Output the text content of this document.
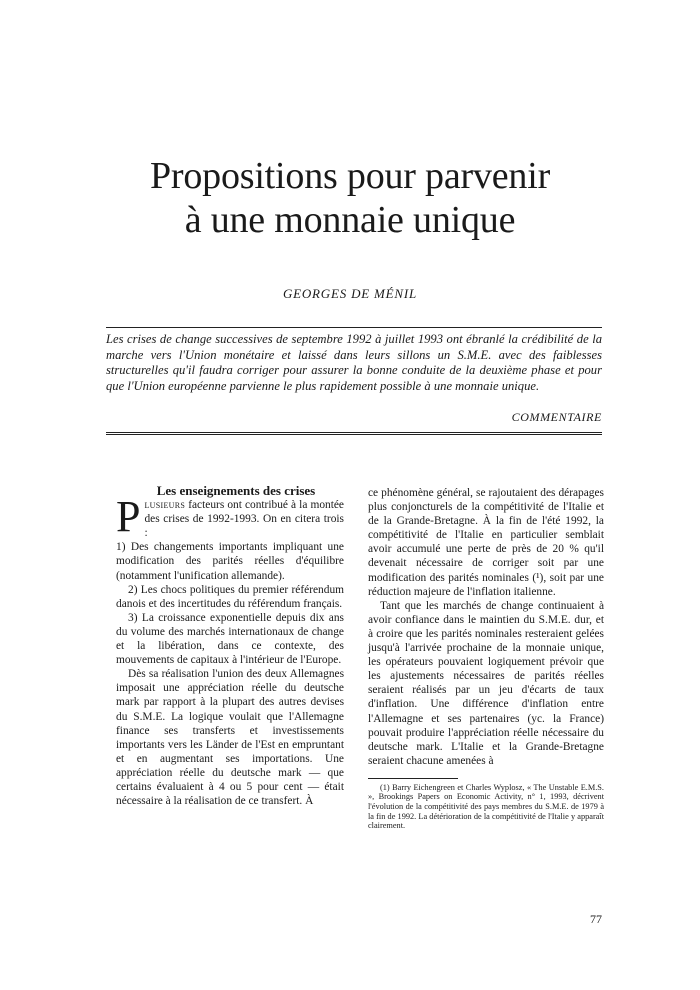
Propositions pour parvenir
à une monnaie unique
GEORGES DE MÉNIL

Les crises de change successives de septembre 1992 à juillet 1993 ont ébranlé la crédibilité de la marche vers l'Union monétaire et laissé dans leurs sillons un S.M.E. avec des faiblesses structurelles qu'il faudra corriger pour assurer la bonne conduite de la deuxième phase et pour que l'Union européenne parvienne le plus rapidement possible à une monnaie unique.

COMMENTAIRE

Les enseignements des crises

Plusieurs facteurs ont contribué à la montée des crises de 1992-1993. On en citera trois :

1) Des changements importants impliquant une modification des parités réelles d'équilibre (notamment l'unification allemande).

2) Les chocs politiques du premier référendum danois et des incertitudes du référendum français.

3) La croissance exponentielle depuis dix ans du volume des marchés internationaux de change et la libération, dans ce contexte, des mouvements de capitaux à l'intérieur de l'Europe.

Dès sa réalisation l'union des deux Allemagnes imposait une appréciation réelle du deutsche mark par rapport à la plupart des autres devises du S.M.E. La logique voulait que l'Allemagne finance ses transferts et investissements importants vers les Länder de l'Est en empruntant et en augmentant ses importations. Une appréciation réelle du deutsche mark — que certains évaluaient à 4 ou 5 pour cent — était nécessaire à la réalisation de ce transfert. À

ce phénomène général, se rajoutaient des dérapages plus conjoncturels de la compétitivité de l'Italie et de la Grande-Bretagne. À la fin de l'été 1992, la compétitivité de l'Italie en particulier semblait avoir accumulé une perte de près de 20 % qu'il devenait nécessaire de corriger soit par une modification des parités nominales (¹), soit par une réduction majeure de l'inflation italienne.

Tant que les marchés de change continuaient à avoir confiance dans le maintien du S.M.E. dur, et à croire que les parités nominales resteraient gelées jusqu'à l'arrivée prochaine de la monnaie unique, les opérateurs pouvaient logiquement prévoir que les ajustements nécessaires de parités réelles seraient réalisés par un jeu d'écarts de taux d'inflation. Une différence d'inflation entre l'Allemagne et ses partenaires (yc. la France) pouvait produire l'appréciation réelle nécessaire du deutsche mark. L'Italie et la Grande-Bretagne seraient chacune amenées à

(1) Barry Eichengreen et Charles Wyplosz, « The Unstable E.M.S. », Brookings Papers on Economic Activity, n° 1, 1993, décrivent l'évolution de la compétitivité des pays membres du S.M.E. de 1979 à la fin de 1992. La détérioration de la compétitivité de l'Italie y apparaît clairement.

77
